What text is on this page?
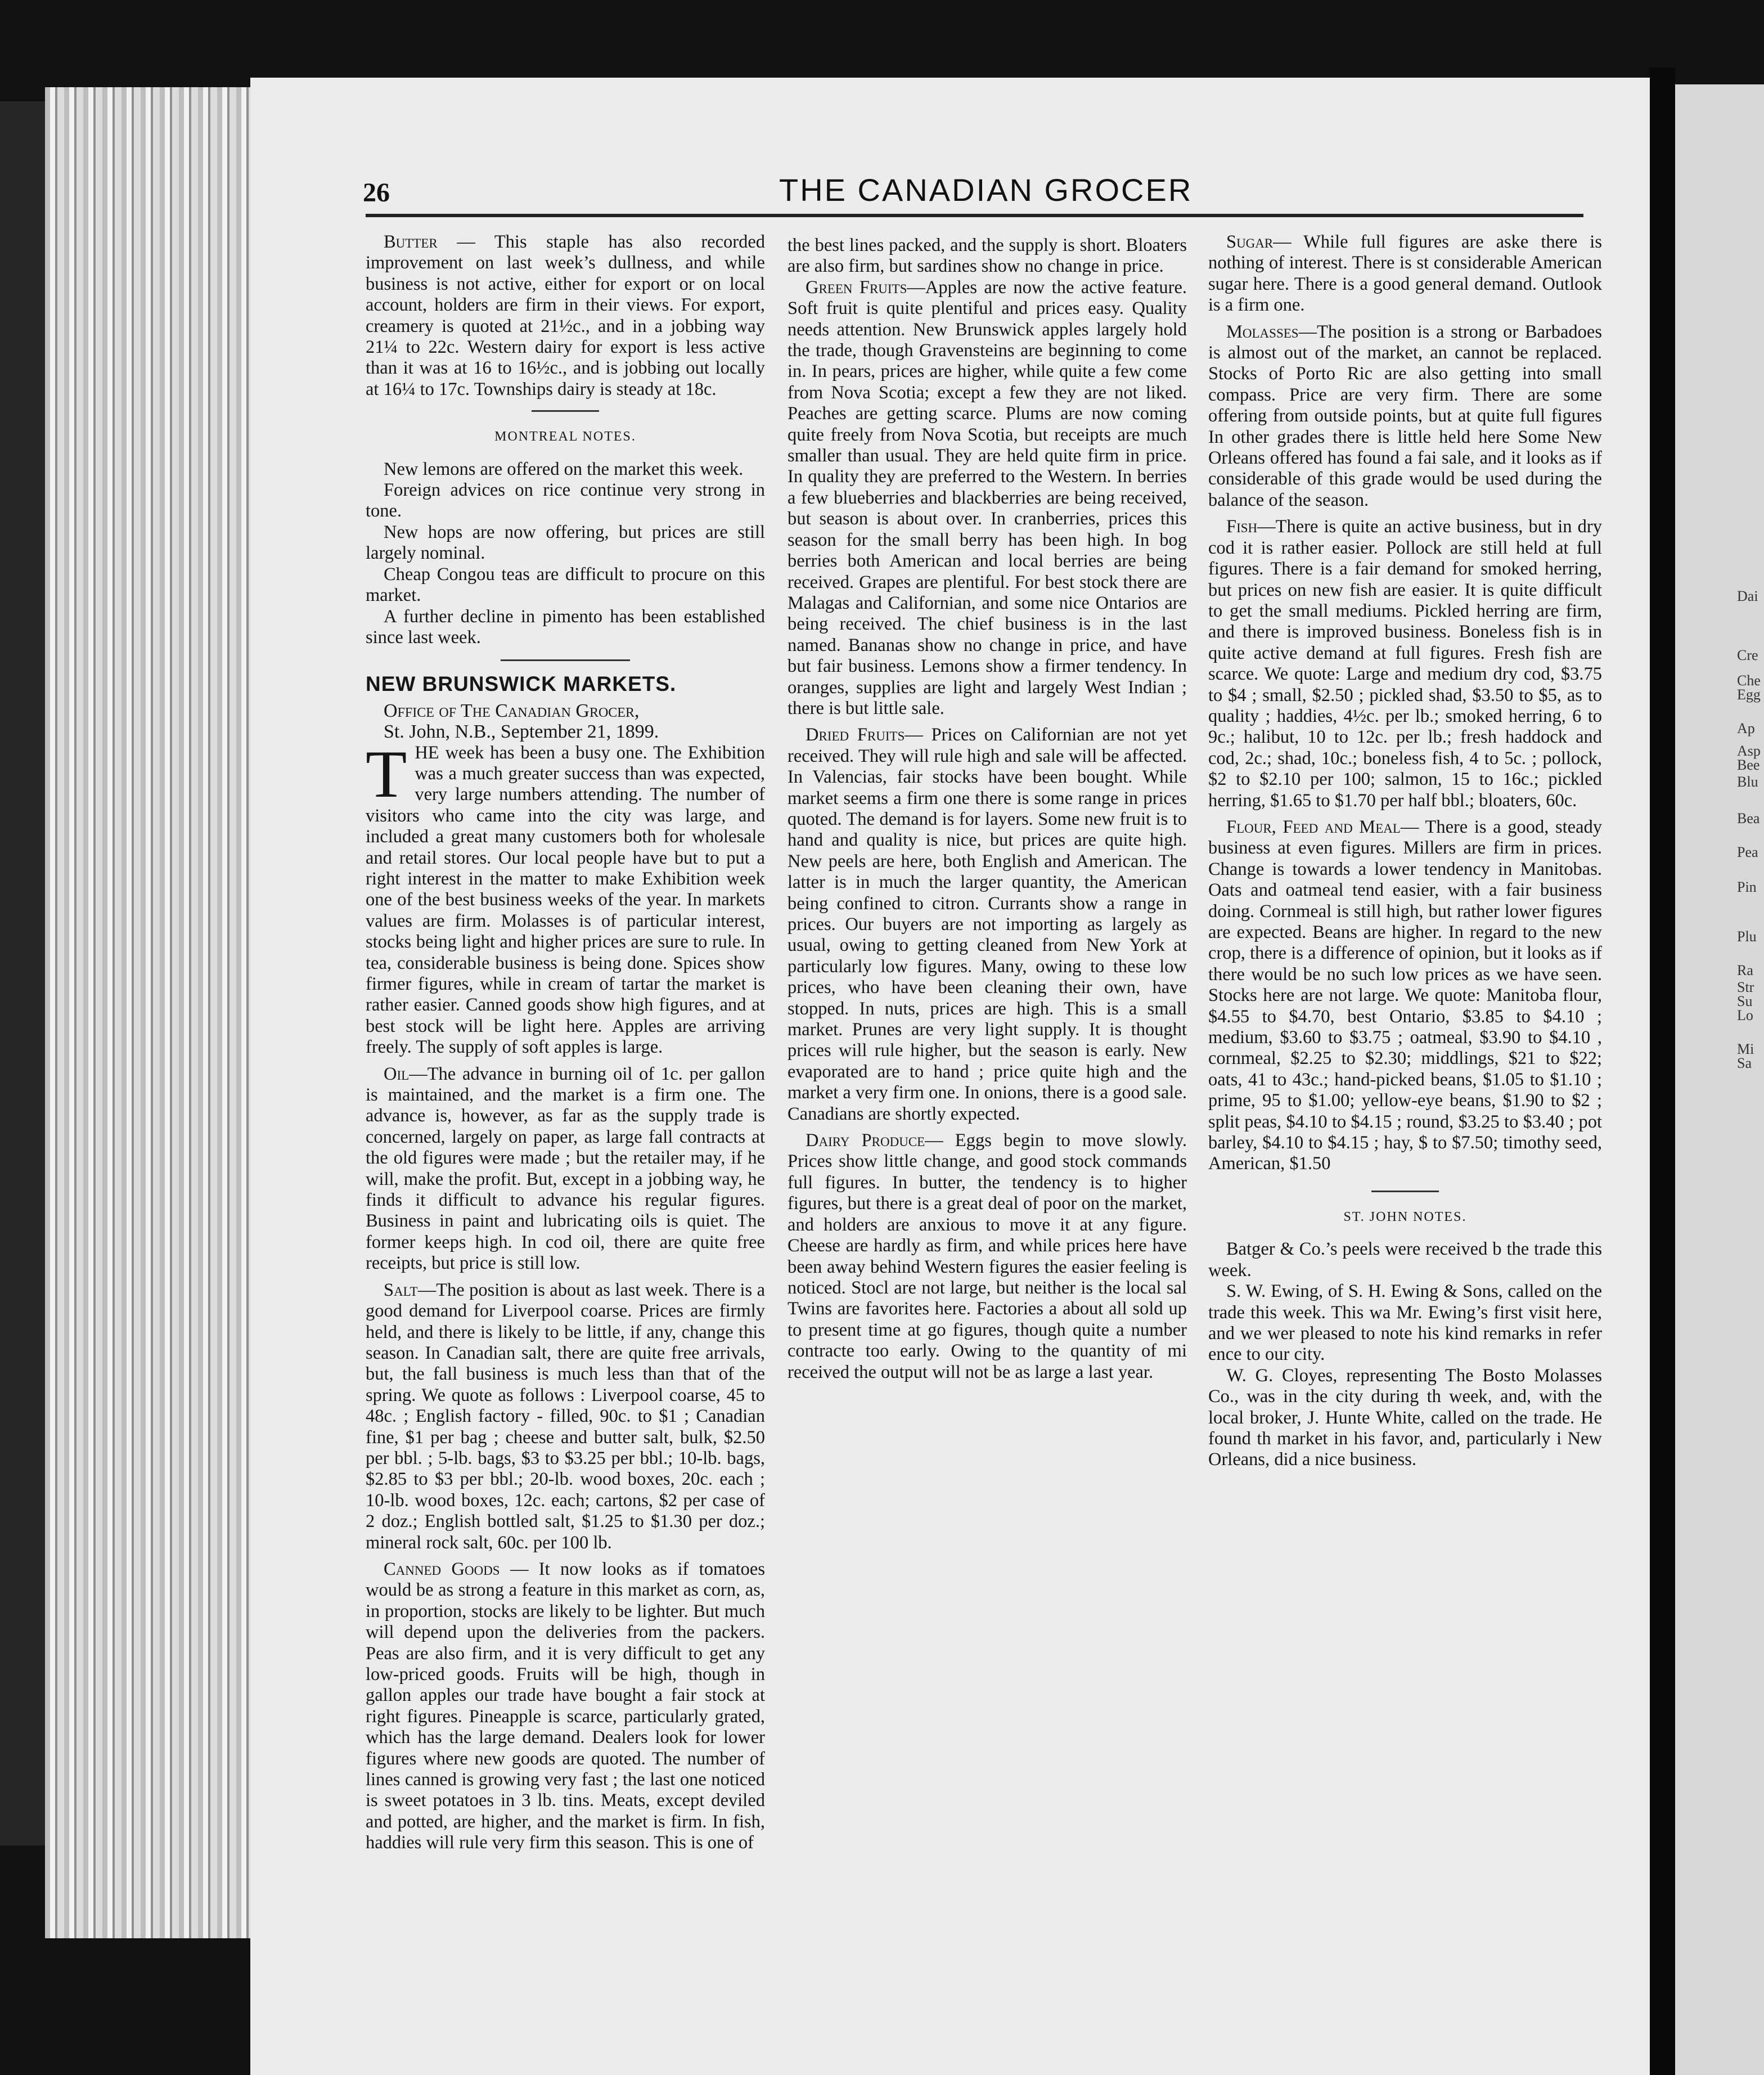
Dai
Cre
Che
Egg
Ap
Asp
Bee
Blu
Bea
Pea
Pin
Plu
Ra
Str
Su
Lo
Mi
Sa
26	THE CANADIAN GROCER

Butter — This staple has also recorded improvement on last week’s dullness, and while business is not active, either for export or on local account, holders are firm in their views. For export, creamery is quoted at 21½c., and in a jobbing way 21¼ to 22c. Western dairy for export is less active than it was at 16 to 16½c., and is jobbing out locally at 16¼ to 17c. Townships dairy is steady at 18c.

MONTREAL NOTES.

New lemons are offered on the market this week.

Foreign advices on rice continue very strong in tone.

New hops are now offering, but prices are still largely nominal.

Cheap Congou teas are difficult to procure on this market.

A further decline in pimento has been established since last week.

NEW BRUNSWICK MARKETS.

Office of The Canadian Grocer,

St. John, N.B., September 21, 1899.

THE week has been a busy one. The Exhibition was a much greater success than was expected, very large numbers attending. The number of visitors who came into the city was large, and included a great many customers both for wholesale and retail stores. Our local people have but to put a right interest in the matter to make Exhibition week one of the best business weeks of the year. In markets values are firm. Molasses is of particular interest, stocks being light and higher prices are sure to rule. In tea, considerable business is being done. Spices show firmer figures, while in cream of tartar the market is rather easier. Canned goods show high figures, and at best stock will be light here. Apples are arriving freely. The supply of soft apples is large.

Oil—The advance in burning oil of 1c. per gallon is maintained, and the market is a firm one. The advance is, however, as far as the supply trade is concerned, largely on paper, as large fall contracts at the old figures were made ; but the retailer may, if he will, make the profit. But, except in a jobbing way, he finds it difficult to advance his regular figures. Business in paint and lubricating oils is quiet. The former keeps high. In cod oil, there are quite free receipts, but price is still low.

Salt—The position is about as last week. There is a good demand for Liverpool coarse. Prices are firmly held, and there is likely to be little, if any, change this season. In Canadian salt, there are quite free arrivals, but, the fall business is much less than that of the spring. We quote as follows : Liverpool coarse, 45 to 48c. ; English factory - filled, 90c. to $1 ; Canadian fine, $1 per bag ; cheese and butter salt, bulk, $2.50 per bbl. ; 5-lb. bags, $3 to $3.25 per bbl.; 10-lb. bags, $2.85 to $3 per bbl.; 20-lb. wood boxes, 20c. each ; 10-lb. wood boxes, 12c. each; cartons, $2 per case of 2 doz.; English bottled salt, $1.25 to $1.30 per doz.; mineral rock salt, 60c. per 100 lb.

Canned Goods — It now looks as if tomatoes would be as strong a feature in this market as corn, as, in proportion, stocks are likely to be lighter. But much will depend upon the deliveries from the packers. Peas are also firm, and it is very difficult to get any low-priced goods. Fruits will be high, though in gallon apples our trade have bought a fair stock at right figures. Pineapple is scarce, particularly grated, which has the large demand. Dealers look for lower figures where new goods are quoted. The number of lines canned is growing very fast ; the last one noticed is sweet potatoes in 3 lb. tins. Meats, except deviled and potted, are higher, and the market is firm. In fish, haddies will rule very firm this season. This is one of

the best lines packed, and the supply is short. Bloaters are also firm, but sardines show no change in price.

Green Fruits—Apples are now the active feature. Soft fruit is quite plentiful and prices easy. Quality needs attention. New Brunswick apples largely hold the trade, though Gravensteins are beginning to come in. In pears, prices are higher, while quite a few come from Nova Scotia; except a few they are not liked. Peaches are getting scarce. Plums are now coming quite freely from Nova Scotia, but receipts are much smaller than usual. They are held quite firm in price. In quality they are preferred to the Western. In berries a few blueberries and blackberries are being received, but season is about over. In cranberries, prices this season for the small berry has been high. In bog berries both American and local berries are being received. Grapes are plentiful. For best stock there are Malagas and Californian, and some nice Ontarios are being received. The chief business is in the last named. Bananas show no change in price, and have but fair business. Lemons show a firmer tendency. In oranges, supplies are light and largely West Indian ; there is but little sale.

Dried Fruits— Prices on Californian are not yet received. They will rule high and sale will be affected. In Valencias, fair stocks have been bought. While market seems a firm one there is some range in prices quoted. The demand is for layers. Some new fruit is to hand and quality is nice, but prices are quite high. New peels are here, both English and American. The latter is in much the larger quantity, the American being confined to citron. Currants show a range in prices. Our buyers are not importing as largely as usual, owing to getting cleaned from New York at particularly low figures. Many, owing to these low prices, who have been cleaning their own, have stopped. In nuts, prices are high. This is a small market. Prunes are very light supply. It is thought prices will rule higher, but the season is early. New evaporated are to hand ; price quite high and the market a very firm one. In onions, there is a good sale. Canadians are shortly expected.

Dairy Produce— Eggs begin to move slowly. Prices show little change, and good stock commands full figures. In butter, the tendency is to higher figures, but there is a great deal of poor on the market, and holders are anxious to move it at any figure. Cheese are hardly as firm, and while prices here have been away behind Western figures the easier feeling is noticed. Stocl are not large, but neither is the local sal Twins are favorites here. Factories a about all sold up to present time at go figures, though quite a number contracte too early. Owing to the quantity of mi received the output will not be as large a last year.

Sugar— While full figures are aske there is nothing of interest. There is st considerable American sugar here. There is a good general demand. Outlook is a firm one.

Molasses—The position is a strong or Barbadoes is almost out of the market, an cannot be replaced. Stocks of Porto Ric are also getting into small compass. Price are very firm. There are some offering from outside points, but at quite full figures In other grades there is little held here Some New Orleans offered has found a fai sale, and it looks as if considerable of this grade would be used during the balance of the season.

Fish—There is quite an active business, but in dry cod it is rather easier. Pollock are still held at full figures. There is a fair demand for smoked herring, but prices on new fish are easier. It is quite difficult to get the small mediums. Pickled herring are firm, and there is improved business. Boneless fish is in quite active demand at full figures. Fresh fish are scarce. We quote: Large and medium dry cod, $3.75 to $4 ; small, $2.50 ; pickled shad, $3.50 to $5, as to quality ; haddies, 4½c. per lb.; smoked herring, 6 to 9c.; halibut, 10 to 12c. per lb.; fresh haddock and cod, 2c.; shad, 10c.; boneless fish, 4 to 5c. ; pollock, $2 to $2.10 per 100; salmon, 15 to 16c.; pickled herring, $1.65 to $1.70 per half bbl.; bloaters, 60c.

Flour, Feed and Meal— There is a good, steady business at even figures. Millers are firm in prices. Change is towards a lower tendency in Manitobas. Oats and oatmeal tend easier, with a fair business doing. Cornmeal is still high, but rather lower figures are expected. Beans are higher. In regard to the new crop, there is a difference of opinion, but it looks as if there would be no such low prices as we have seen. Stocks here are not large. We quote: Manitoba flour, $4.55 to $4.70, best Ontario, $3.85 to $4.10 ; medium, $3.60 to $3.75 ; oatmeal, $3.90 to $4.10 , cornmeal, $2.25 to $2.30; middlings, $21 to $22; oats, 41 to 43c.; hand-picked beans, $1.05 to $1.10 ; prime, 95 to $1.00; yellow-eye beans, $1.90 to $2 ; split peas, $4.10 to $4.15 ; round, $3.25 to $3.40 ; pot barley, $4.10 to $4.15 ; hay, $ to $7.50; timothy seed, American, $1.50

ST. JOHN NOTES.

Batger & Co.’s peels were received b the trade this week.

S. W. Ewing, of S. H. Ewing & Sons, called on the trade this week. This wa Mr. Ewing’s first visit here, and we wer pleased to note his kind remarks in refer ence to our city.

W. G. Cloyes, representing The Bosto Molasses Co., was in the city during th week, and, with the local broker, J. Hunte White, called on the trade. He found th market in his favor, and, particularly i New Orleans, did a nice business.
